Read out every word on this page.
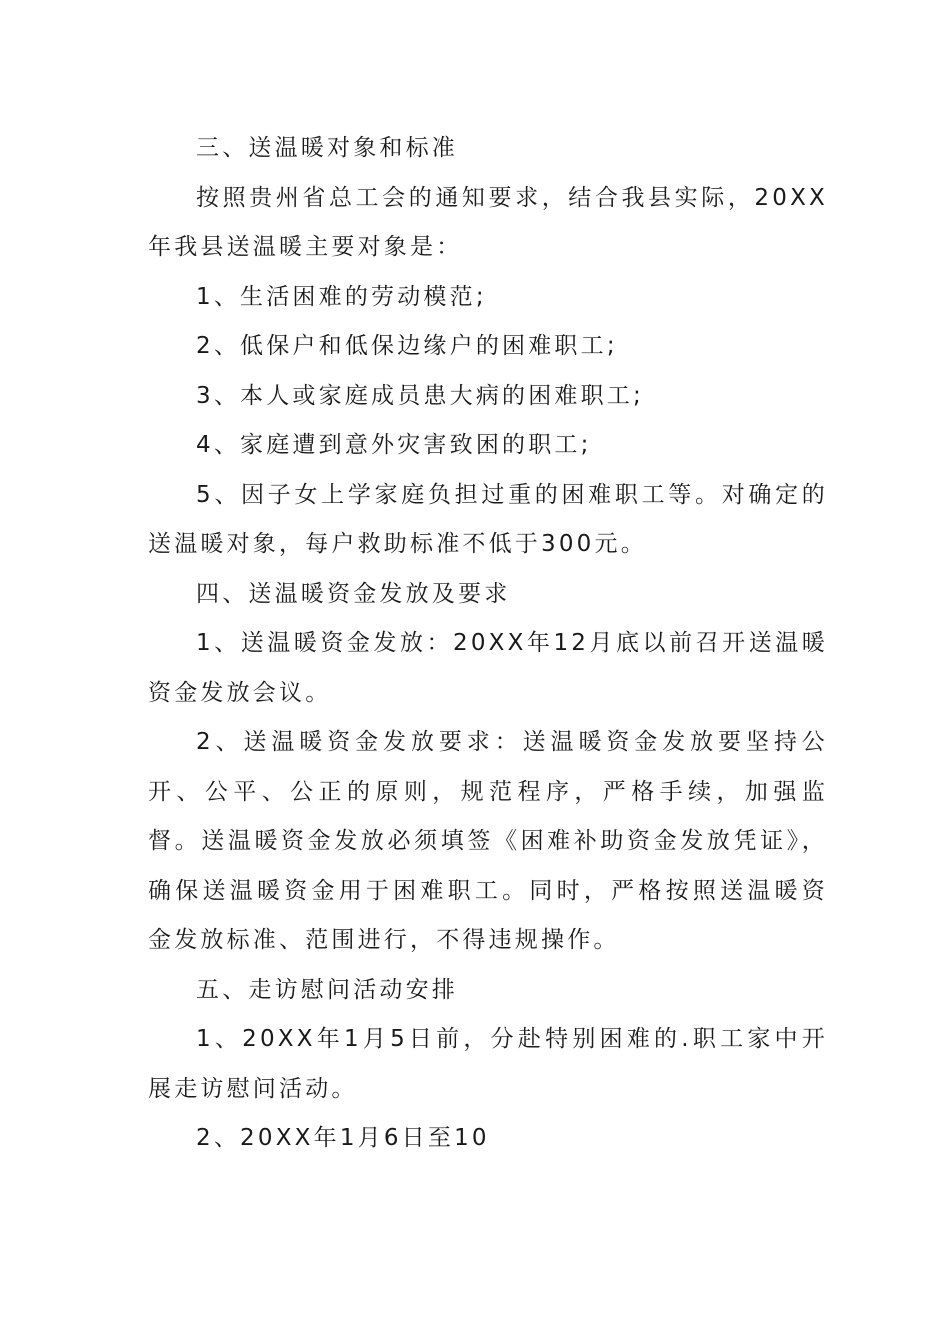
三、送温暖对象和标准

按照贵州省总工会的通知要求，结合我县实际，20XX年我县送温暖主要对象是：

1、生活困难的劳动模范;

2、低保户和低保边缘户的困难职工;

3、本人或家庭成员患大病的困难职工;

4、家庭遭到意外灾害致困的职工;

5、因子女上学家庭负担过重的困难职工等。对确定的送温暖对象，每户救助标准不低于300元。

四、送温暖资金发放及要求

1、送温暖资金发放：20XX年12月底以前召开送温暖资金发放会议。

2、送温暖资金发放要求：送温暖资金发放要坚持公开、公平、公正的原则，规范程序，严格手续，加强监督。送温暖资金发放必须填签《困难补助资金发放凭证》，确保送温暖资金用于困难职工。同时，严格按照送温暖资金发放标准、范围进行，不得违规操作。

五、走访慰问活动安排

1、20XX年1月5日前，分赴特别困难的.职工家中开展走访慰问活动。

2、20XX年1月6日至10
